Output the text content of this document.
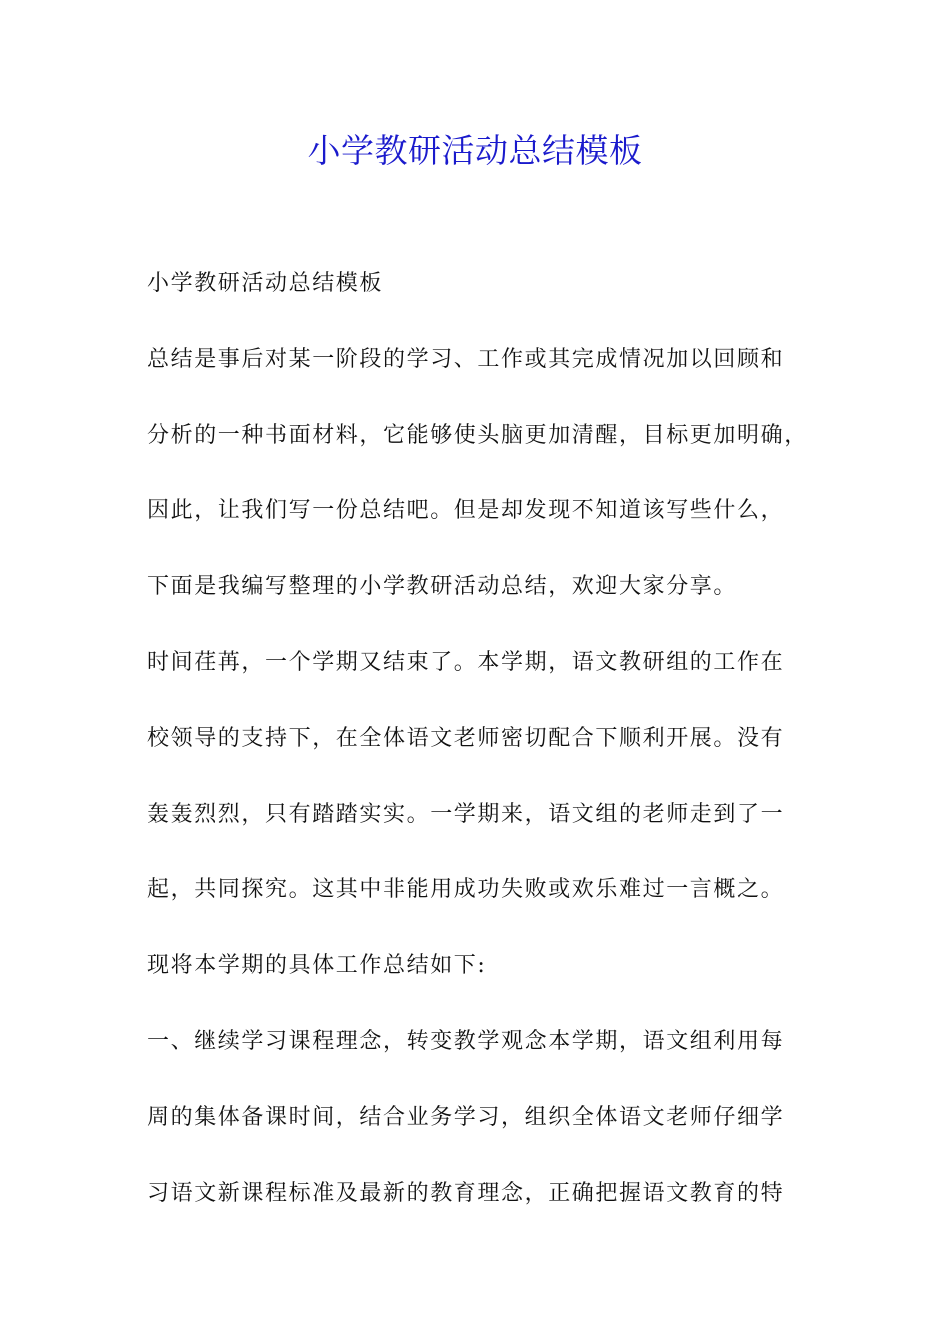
小学教研活动总结模板

小学教研活动总结模板

总结是事后对某一阶段的学习、工作或其完成情况加以回顾和

分析的一种书面材料，它能够使头脑更加清醒，目标更加明确，

因此，让我们写一份总结吧。但是却发现不知道该写些什么，

下面是我编写整理的小学教研活动总结，欢迎大家分享。

时间荏苒，一个学期又结束了。本学期，语文教研组的工作在

校领导的支持下，在全体语文老师密切配合下顺利开展。没有

轰轰烈烈，只有踏踏实实。一学期来，语文组的老师走到了一

起，共同探究。这其中非能用成功失败或欢乐难过一言概之。

现将本学期的具体工作总结如下:

一、继续学习课程理念，转变教学观念本学期，语文组利用每

周的集体备课时间，结合业务学习，组织全体语文老师仔细学

习语文新课程标准及最新的教育理念，正确把握语文教育的特
